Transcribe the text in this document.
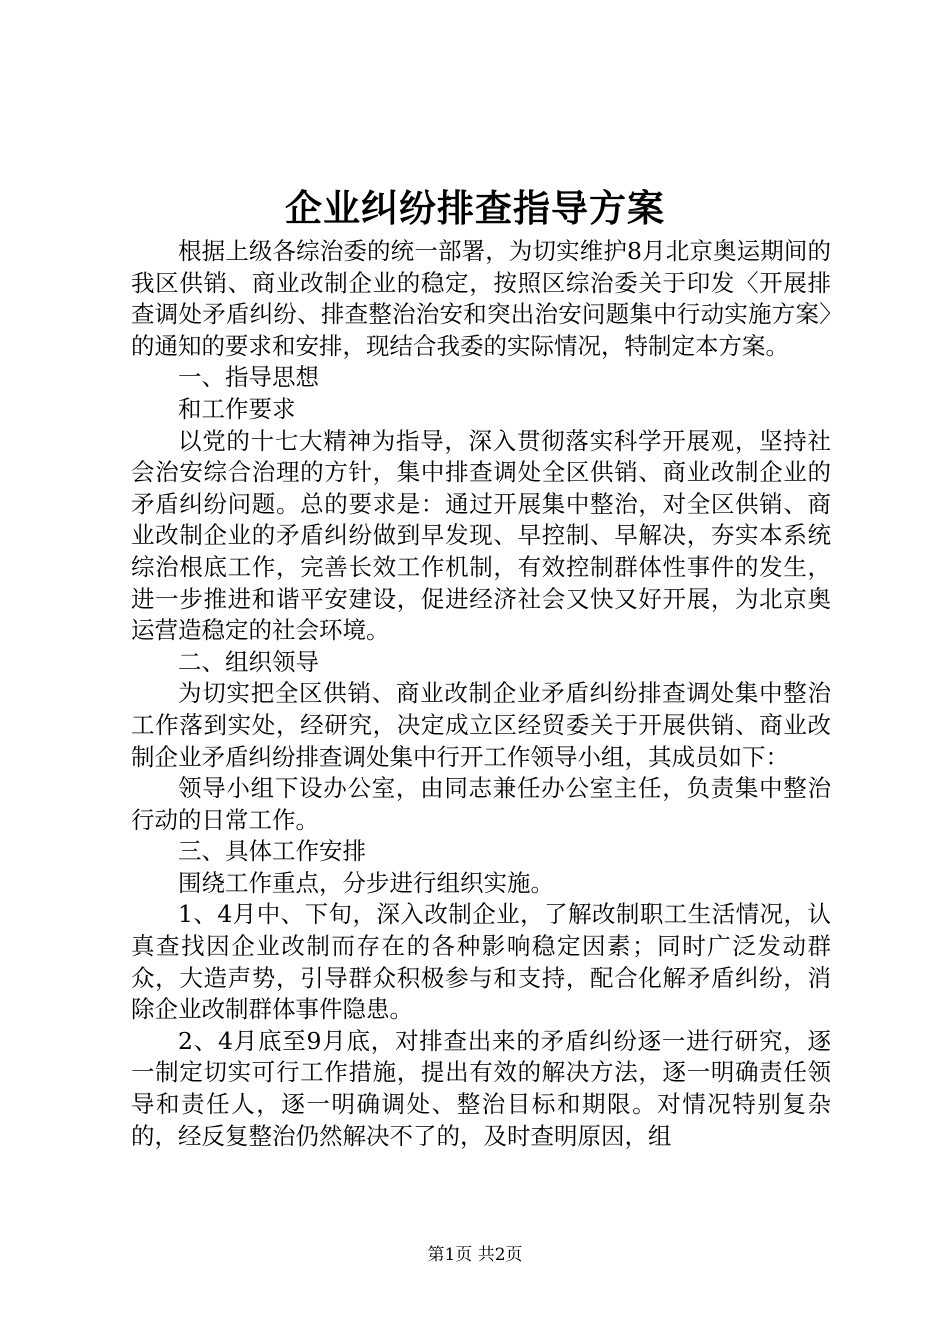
企业纠纷排查指导方案

根据上级各综治委的统一部署，为切实维护8月北京奥运期间的我区供销、商业改制企业的稳定，按照区综治委关于印发〈开展排查调处矛盾纠纷、排查整治治安和突出治安问题集中行动实施方案〉的通知的要求和安排，现结合我委的实际情况，特制定本方案。

一、指导思想

和工作要求

以党的十七大精神为指导，深入贯彻落实科学开展观，坚持社会治安综合治理的方针，集中排查调处全区供销、商业改制企业的矛盾纠纷问题。总的要求是：通过开展集中整治，对全区供销、商业改制企业的矛盾纠纷做到早发现、早控制、早解决，夯实本系统综治根底工作，完善长效工作机制，有效控制群体性事件的发生，进一步推进和谐平安建设，促进经济社会又快又好开展，为北京奥运营造稳定的社会环境。

二、组织领导

为切实把全区供销、商业改制企业矛盾纠纷排查调处集中整治工作落到实处，经研究，决定成立区经贸委关于开展供销、商业改制企业矛盾纠纷排查调处集中行开工作领导小组，其成员如下：

领导小组下设办公室，由同志兼任办公室主任，负责集中整治行动的日常工作。

三、具体工作安排

围绕工作重点，分步进行组织实施。

1、4月中、下旬，深入改制企业，了解改制职工生活情况，认真查找因企业改制而存在的各种影响稳定因素；同时广泛发动群众，大造声势，引导群众积极参与和支持，配合化解矛盾纠纷，消除企业改制群体事件隐患。

2、4月底至9月底，对排查出来的矛盾纠纷逐一进行研究，逐一制定切实可行工作措施，提出有效的解决方法，逐一明确责任领导和责任人，逐一明确调处、整治目标和期限。对情况特别复杂的，经反复整治仍然解决不了的，及时查明原因，组

第1页 共2页
